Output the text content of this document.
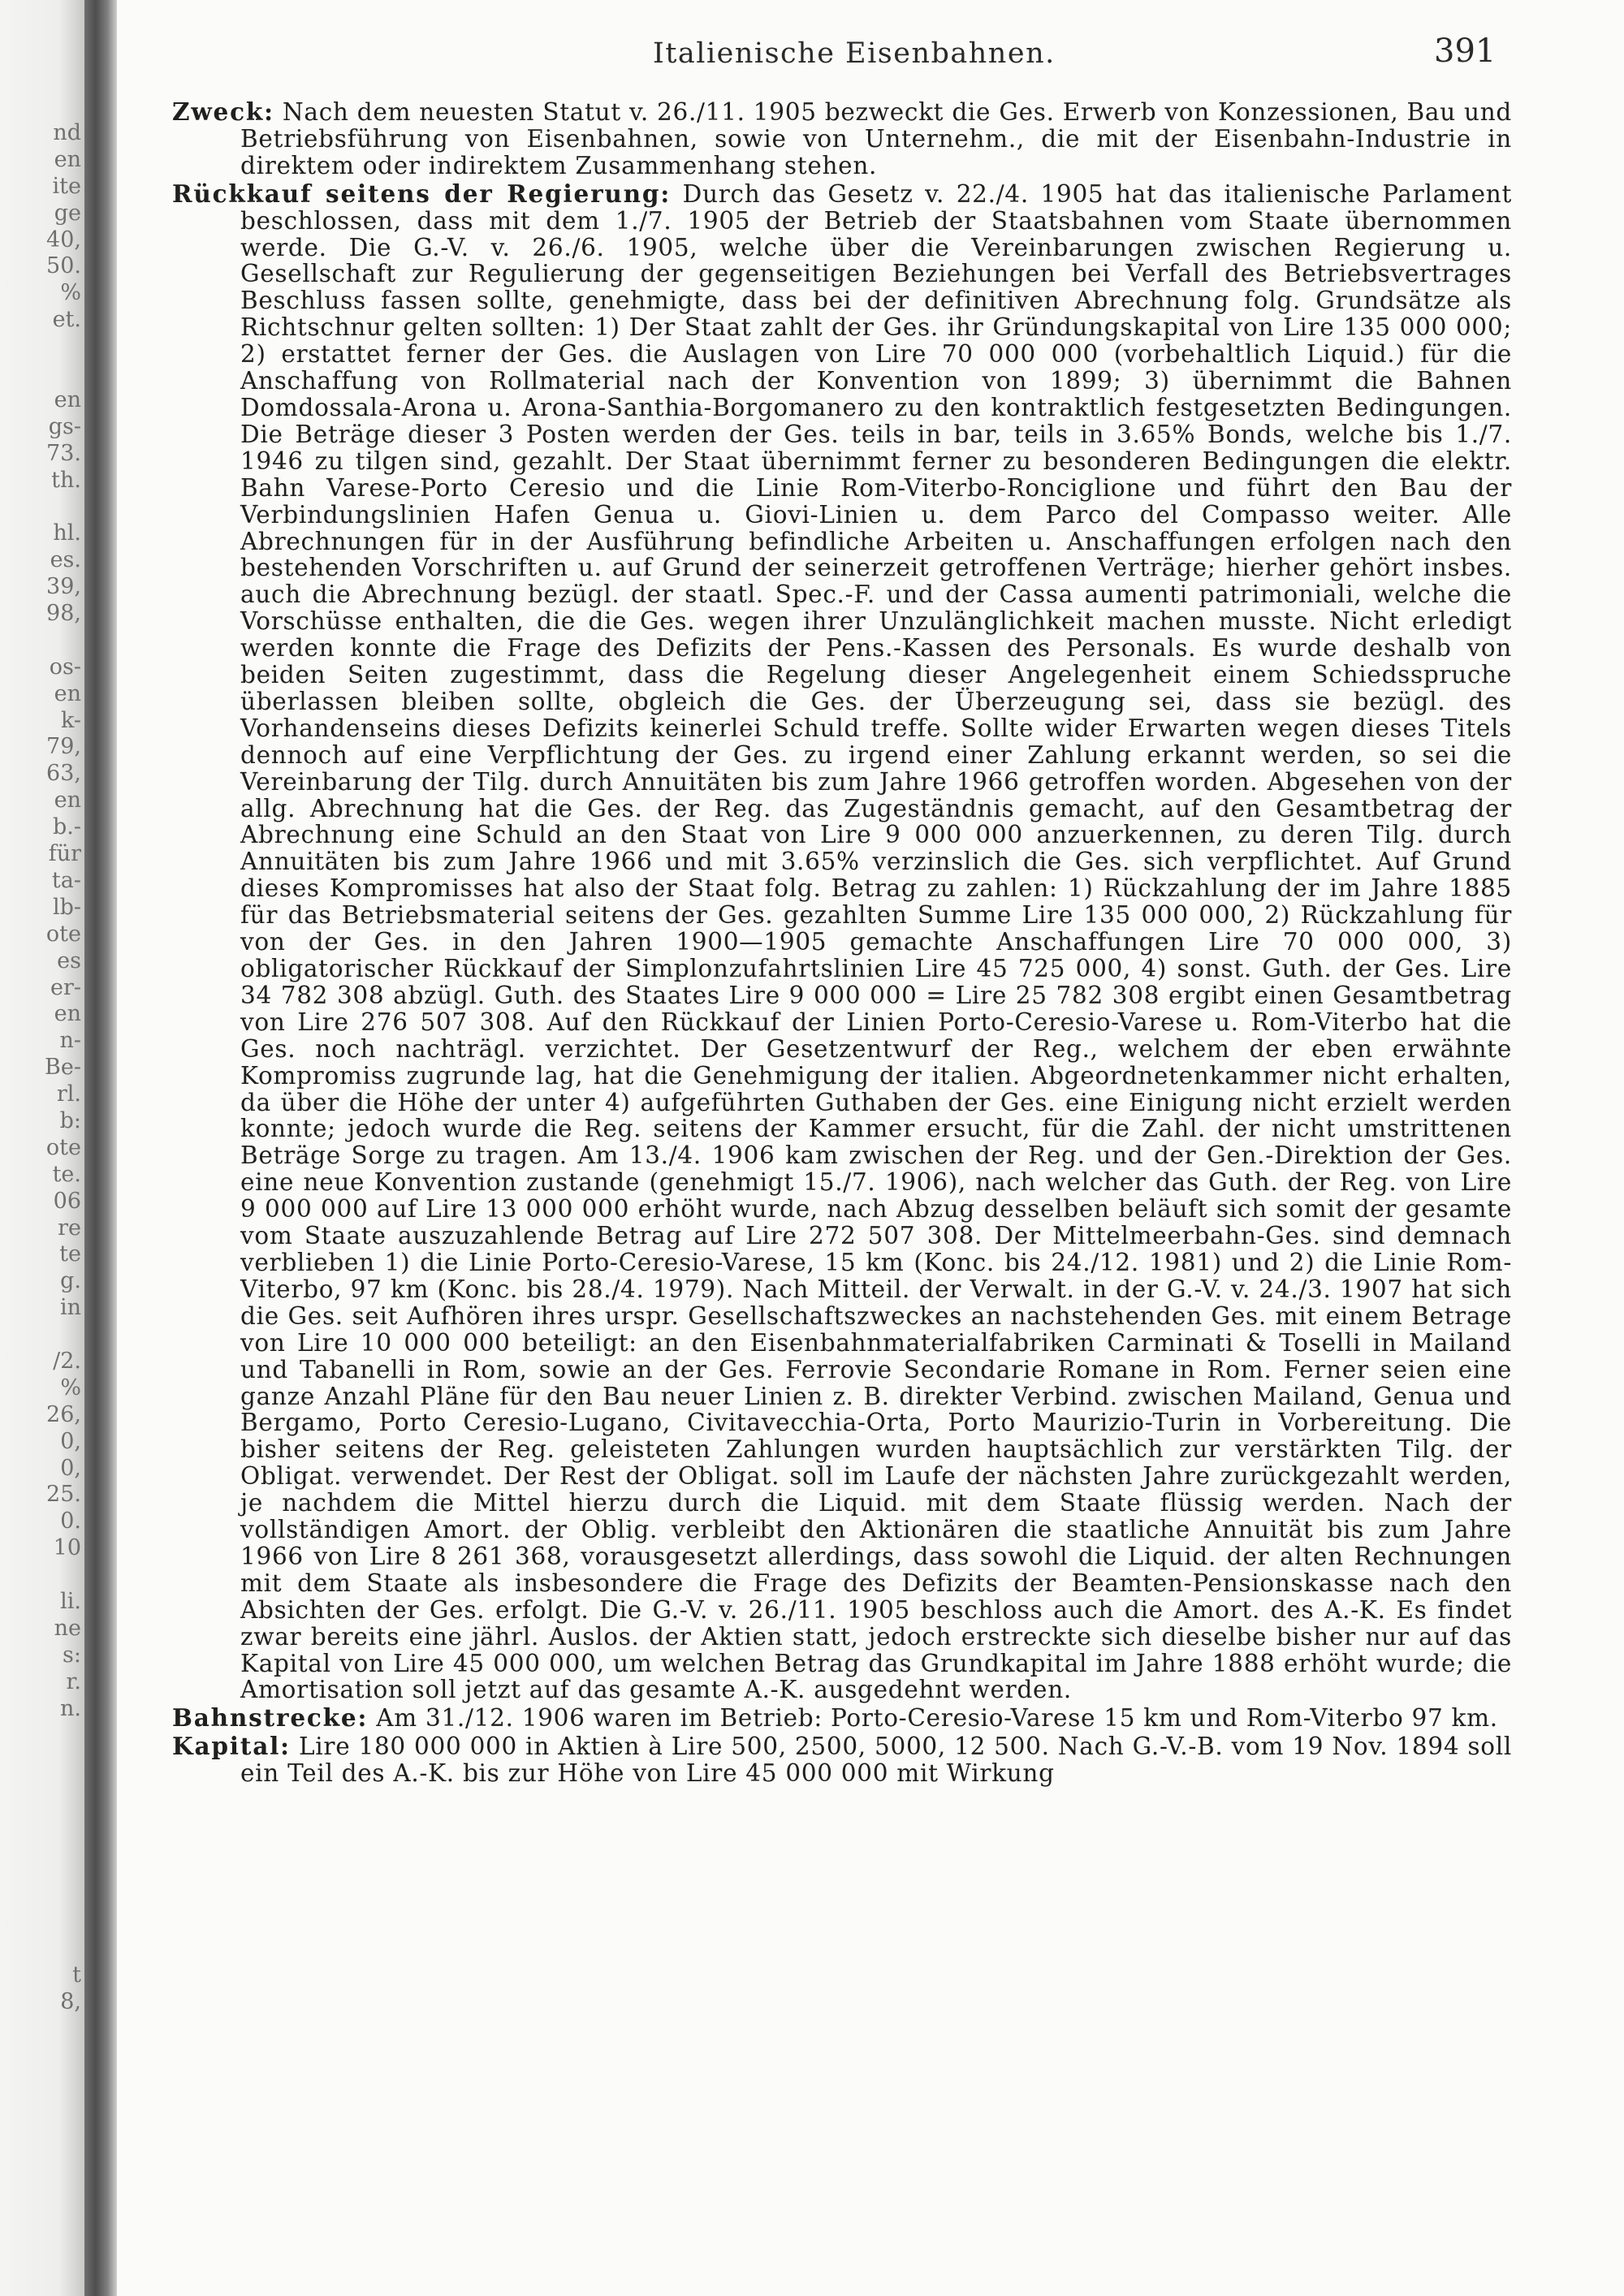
nd
en
ite
ge
40,
50.
%
et.
en
gs-
73.
th.
hl.
es.
39,
98,
os-
en
k-
79,
63,
en
b.-
für
ta-
lb-
ote
es
er-
en
n-
Be-
rl.
b:
ote
te.
06
re
te
g.
in
/2.
%
26,
0,
0,
25.
0.
10
li.
ne
s:
r.
n.
t
8,
Italienische Eisenbahnen.	391

Zweck: Nach dem neuesten Statut v. 26./11. 1905 bezweckt die Ges. Erwerb von Konzessionen, Bau und Betriebsführung von Eisenbahnen, sowie von Unternehm., die mit der Eisenbahn-Industrie in direktem oder indirektem Zusammenhang stehen.

Rückkauf seitens der Regierung: Durch das Gesetz v. 22./4. 1905 hat das italienische Parlament beschlossen, dass mit dem 1./7. 1905 der Betrieb der Staatsbahnen vom Staate übernommen werde. Die G.-V. v. 26./6. 1905, welche über die Vereinbarungen zwischen Regierung u. Gesellschaft zur Regulierung der gegenseitigen Beziehungen bei Verfall des Betriebsvertrages Beschluss fassen sollte, genehmigte, dass bei der definitiven Abrechnung folg. Grundsätze als Richtschnur gelten sollten: 1) Der Staat zahlt der Ges. ihr Gründungskapital von Lire 135 000 000; 2) erstattet ferner der Ges. die Auslagen von Lire 70 000 000 (vorbehaltlich Liquid.) für die Anschaffung von Rollmaterial nach der Konvention von 1899; 3) übernimmt die Bahnen Domdossala-Arona u. Arona-Santhia-Borgomanero zu den kontraktlich festgesetzten Bedingungen. Die Beträge dieser 3 Posten werden der Ges. teils in bar, teils in 3.65% Bonds, welche bis 1./7. 1946 zu tilgen sind, gezahlt. Der Staat übernimmt ferner zu besonderen Bedingungen die elektr. Bahn Varese-Porto Ceresio und die Linie Rom-Viterbo-Ronciglione und führt den Bau der Verbindungslinien Hafen Genua u. Giovi-Linien u. dem Parco del Compasso weiter. Alle Abrechnungen für in der Ausführung befindliche Arbeiten u. Anschaffungen erfolgen nach den bestehenden Vorschriften u. auf Grund der seinerzeit getroffenen Verträge; hierher gehört insbes. auch die Abrechnung bezügl. der staatl. Spec.-F. und der Cassa aumenti patrimoniali, welche die Vorschüsse enthalten, die die Ges. wegen ihrer Unzulänglichkeit machen musste. Nicht erledigt werden konnte die Frage des Defizits der Pens.-Kassen des Personals. Es wurde deshalb von beiden Seiten zugestimmt, dass die Regelung dieser Angelegenheit einem Schiedsspruche überlassen bleiben sollte, obgleich die Ges. der Überzeugung sei, dass sie bezügl. des Vorhandenseins dieses Defizits keinerlei Schuld treffe. Sollte wider Erwarten wegen dieses Titels dennoch auf eine Verpflichtung der Ges. zu irgend einer Zahlung erkannt werden, so sei die Vereinbarung der Tilg. durch Annuitäten bis zum Jahre 1966 getroffen worden. Abgesehen von der allg. Abrechnung hat die Ges. der Reg. das Zugeständnis gemacht, auf den Gesamtbetrag der Abrechnung eine Schuld an den Staat von Lire 9 000 000 anzuerkennen, zu deren Tilg. durch Annuitäten bis zum Jahre 1966 und mit 3.65% verzinslich die Ges. sich verpflichtet. Auf Grund dieses Kompromisses hat also der Staat folg. Betrag zu zahlen: 1) Rückzahlung der im Jahre 1885 für das Betriebsmaterial seitens der Ges. gezahlten Summe Lire 135 000 000, 2) Rückzahlung für von der Ges. in den Jahren 1900—1905 gemachte Anschaffungen Lire 70 000 000, 3) obligatorischer Rückkauf der Simplonzufahrtslinien Lire 45 725 000, 4) sonst. Guth. der Ges. Lire 34 782 308 abzügl. Guth. des Staates Lire 9 000 000 = Lire 25 782 308 ergibt einen Gesamtbetrag von Lire 276 507 308. Auf den Rückkauf der Linien Porto-Ceresio-Varese u. Rom-Viterbo hat die Ges. noch nachträgl. verzichtet. Der Gesetzentwurf der Reg., welchem der eben erwähnte Kompromiss zugrunde lag, hat die Genehmigung der italien. Abgeordnetenkammer nicht erhalten, da über die Höhe der unter 4) aufgeführten Guthaben der Ges. eine Einigung nicht erzielt werden konnte; jedoch wurde die Reg. seitens der Kammer ersucht, für die Zahl. der nicht umstrittenen Beträge Sorge zu tragen. Am 13./4. 1906 kam zwischen der Reg. und der Gen.-Direktion der Ges. eine neue Konvention zustande (genehmigt 15./7. 1906), nach welcher das Guth. der Reg. von Lire 9 000 000 auf Lire 13 000 000 erhöht wurde, nach Abzug desselben beläuft sich somit der gesamte vom Staate auszuzahlende Betrag auf Lire 272 507 308. Der Mittelmeerbahn-Ges. sind demnach verblieben 1) die Linie Porto-Ceresio-Varese, 15 km (Konc. bis 24./12. 1981) und 2) die Linie Rom-Viterbo, 97 km (Konc. bis 28./4. 1979). Nach Mitteil. der Verwalt. in der G.-V. v. 24./3. 1907 hat sich die Ges. seit Aufhören ihres urspr. Gesellschaftszweckes an nachstehenden Ges. mit einem Betrage von Lire 10 000 000 beteiligt: an den Eisenbahnmaterialfabriken Carminati & Toselli in Mailand und Tabanelli in Rom, sowie an der Ges. Ferrovie Secondarie Romane in Rom. Ferner seien eine ganze Anzahl Pläne für den Bau neuer Linien z. B. direkter Verbind. zwischen Mailand, Genua und Bergamo, Porto Ceresio-Lugano, Civitavecchia-Orta, Porto Maurizio-Turin in Vorbereitung. Die bisher seitens der Reg. geleisteten Zahlungen wurden hauptsächlich zur verstärkten Tilg. der Obligat. verwendet. Der Rest der Obligat. soll im Laufe der nächsten Jahre zurückgezahlt werden, je nachdem die Mittel hierzu durch die Liquid. mit dem Staate flüssig werden. Nach der vollständigen Amort. der Oblig. verbleibt den Aktionären die staatliche Annuität bis zum Jahre 1966 von Lire 8 261 368, vorausgesetzt allerdings, dass sowohl die Liquid. der alten Rechnungen mit dem Staate als insbesondere die Frage des Defizits der Beamten-Pensionskasse nach den Absichten der Ges. erfolgt. Die G.-V. v. 26./11. 1905 beschloss auch die Amort. des A.-K. Es findet zwar bereits eine jährl. Auslos. der Aktien statt, jedoch erstreckte sich dieselbe bisher nur auf das Kapital von Lire 45 000 000, um welchen Betrag das Grundkapital im Jahre 1888 erhöht wurde; die Amortisation soll jetzt auf das gesamte A.-K. ausgedehnt werden.

Bahnstrecke: Am 31./12. 1906 waren im Betrieb: Porto-Ceresio-Varese 15 km und Rom-Viterbo 97 km.

Kapital: Lire 180 000 000 in Aktien à Lire 500, 2500, 5000, 12 500. Nach G.-V.-B. vom 19 Nov. 1894 soll ein Teil des A.-K. bis zur Höhe von Lire 45 000 000 mit Wirkung
